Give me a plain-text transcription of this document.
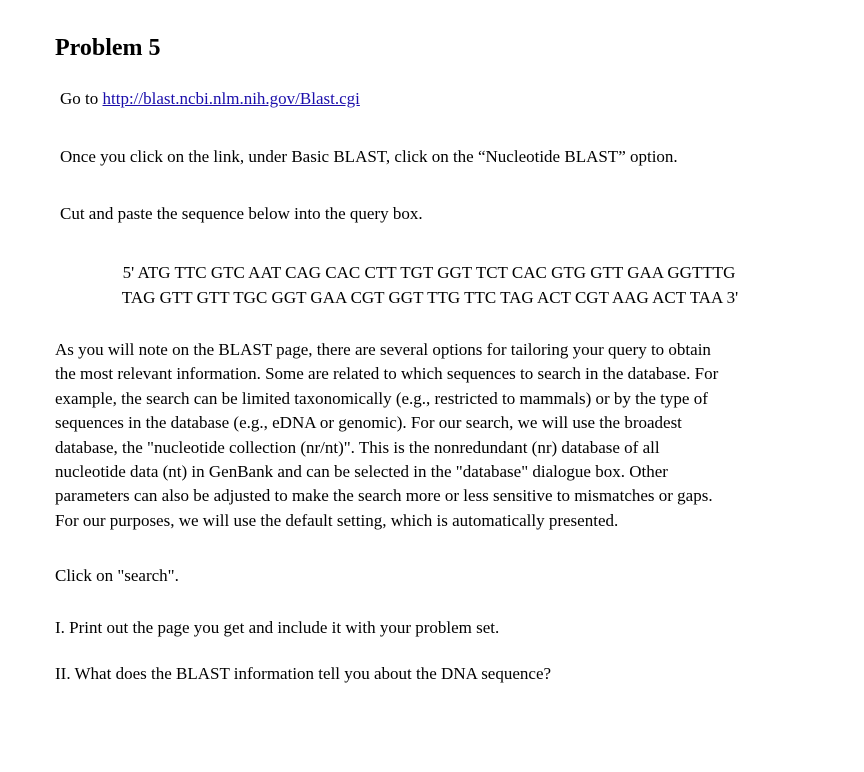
Problem 5

Go to http://blast.ncbi.nlm.nih.gov/Blast.cgi

Once you click on the link, under Basic BLAST, click on the “Nucleotide BLAST” option.

Cut and paste the sequence below into the query box.

5' ATG TTC GTC AAT CAG CAC CTT TGT GGT TCT CAC GTG GTT GAA GGTTTG

TAG GTT GTT TGC GGT GAA CGT GGT TTG TTC TAG ACT CGT AAG ACT TAA 3'

As you will note on the BLAST page, there are several options for tailoring your query to obtain
the most relevant information. Some are related to which sequences to search in the database. For
example, the search can be limited taxonomically (e.g., restricted to mammals) or by the type of
sequences in the database (e.g., eDNA or genomic). For our search, we will use the broadest
database, the "nucleotide collection (nr/nt)". This is the nonredundant (nr) database of all
nucleotide data (nt) in GenBank and can be selected in the "database" dialogue box. Other
parameters can also be adjusted to make the search more or less sensitive to mismatches or gaps.
For our purposes, we will use the default setting, which is automatically presented.

Click on "search".

I. Print out the page you get and include it with your problem set.

II. What does the BLAST information tell you about the DNA sequence?
